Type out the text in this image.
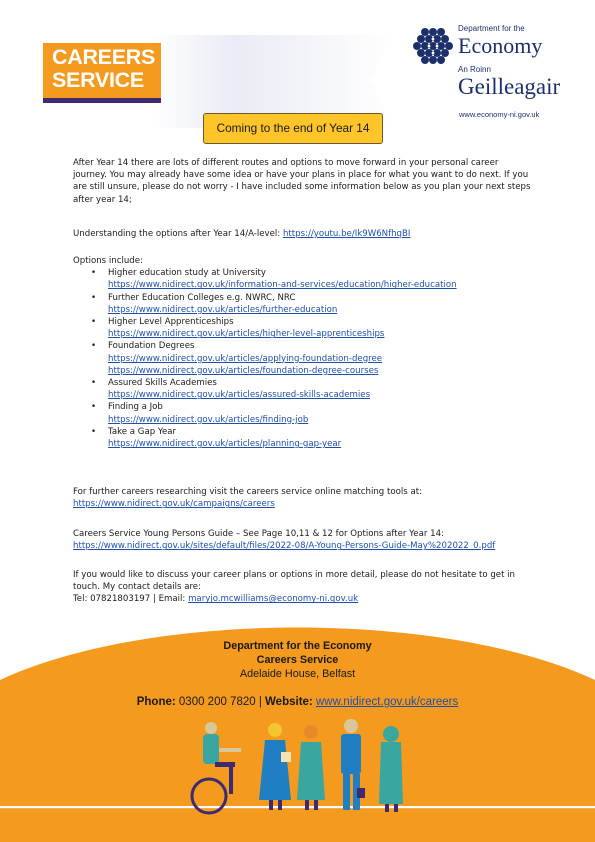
CAREERS
SERVICE
Department for the
Economy
An Roinn
Geilleagair
www.economy-ni.gov.uk
Coming to the end of Year 14

After Year 14 there are lots of different routes and options to move forward in your personal career journey. You may already have some idea or have your plans in place for what you want to do next. If you are still unsure, please do not worry - I have included some information below as you plan your next steps after year 14;

Understanding the options after Year 14/A-level: https://youtu.be/Ik9W6NfhqBI

Options include:

• Higher education study at University
https://www.nidirect.gov.uk/information-and-services/education/higher-education
• Further Education Colleges e.g. NWRC, NRC
https://www.nidirect.gov.uk/articles/further-education
• Higher Level Apprenticeships
https://www.nidirect.gov.uk/articles/higher-level-apprenticeships
• Foundation Degrees
https://www.nidirect.gov.uk/articles/applying-foundation-degree
https://www.nidirect.gov.uk/articles/foundation-degree-courses
• Assured Skills Academies
https://www.nidirect.gov.uk/articles/assured-skills-academies
• Finding a Job
https://www.nidirect.gov.uk/articles/finding-job
• Take a Gap Year
https://www.nidirect.gov.uk/articles/planning-gap-year

For further careers researching visit the careers service online matching tools at:

https://www.nidirect.gov.uk/campaigns/careers

Careers Service Young Persons Guide – See Page 10,11 & 12 for Options after Year 14:

https://www.nidirect.gov.uk/sites/default/files/2022-08/A-Young-Persons-Guide-May%202022_0.pdf

If you would like to discuss your career plans or options in more detail, please do not hesitate to get in touch. My contact details are:

Tel: 07821803197 | Email: maryjo.mcwilliams@economy-ni.gov.uk

Department for the Economy
Careers Service
Adelaide House, Belfast
Phone: 0300 200 7820 | Website: www.nidirect.gov.uk/careers
